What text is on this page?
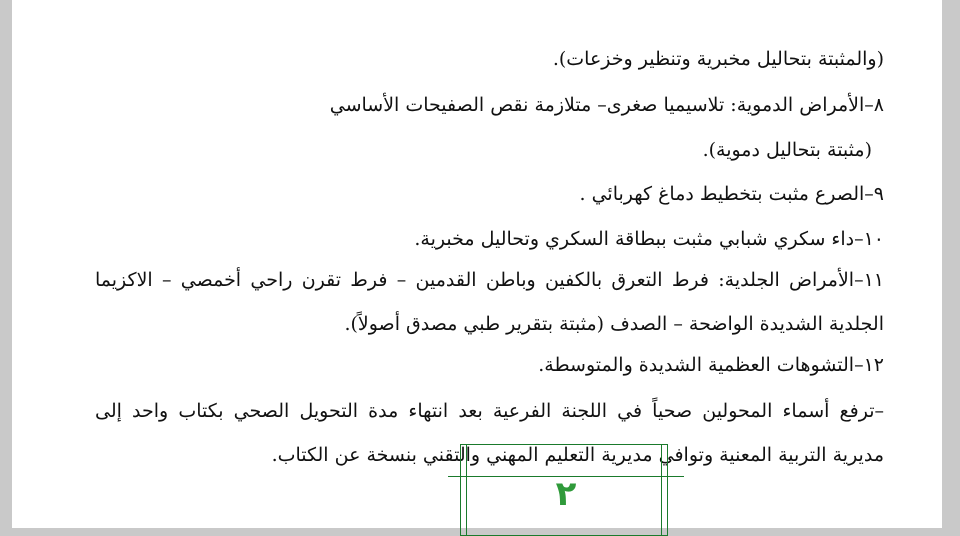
(والمثبتة بتحاليل مخبرية وتنظير وخزعات).
٨–الأمراض الدموية: تلاسيميا صغرى– متلازمة نقص الصفيحات الأساسي
(مثبتة بتحاليل دموية).
٩–الصرع مثبت بتخطيط دماغ كهربائي .
١٠–داء سكري شبابي مثبت ببطاقة السكري وتحاليل مخبرية.
١١–الأمراض الجلدية: فرط التعرق بالكفين وباطن القدمين – فرط تقرن راحي أخمصي – الاكزيما
الجلدية الشديدة الواضحة – الصدف (مثبتة بتقرير طبي مصدق أصولاً).
١٢–التشوهات العظمية الشديدة والمتوسطة.
–ترفع أسماء المحولين صحياً في اللجنة الفرعية بعد انتهاء مدة التحويل الصحي بكتاب واحد إلى
مديرية التربية المعنية وتوافي مديرية التعليم المهني والتقني بنسخة عن الكتاب.
٢
